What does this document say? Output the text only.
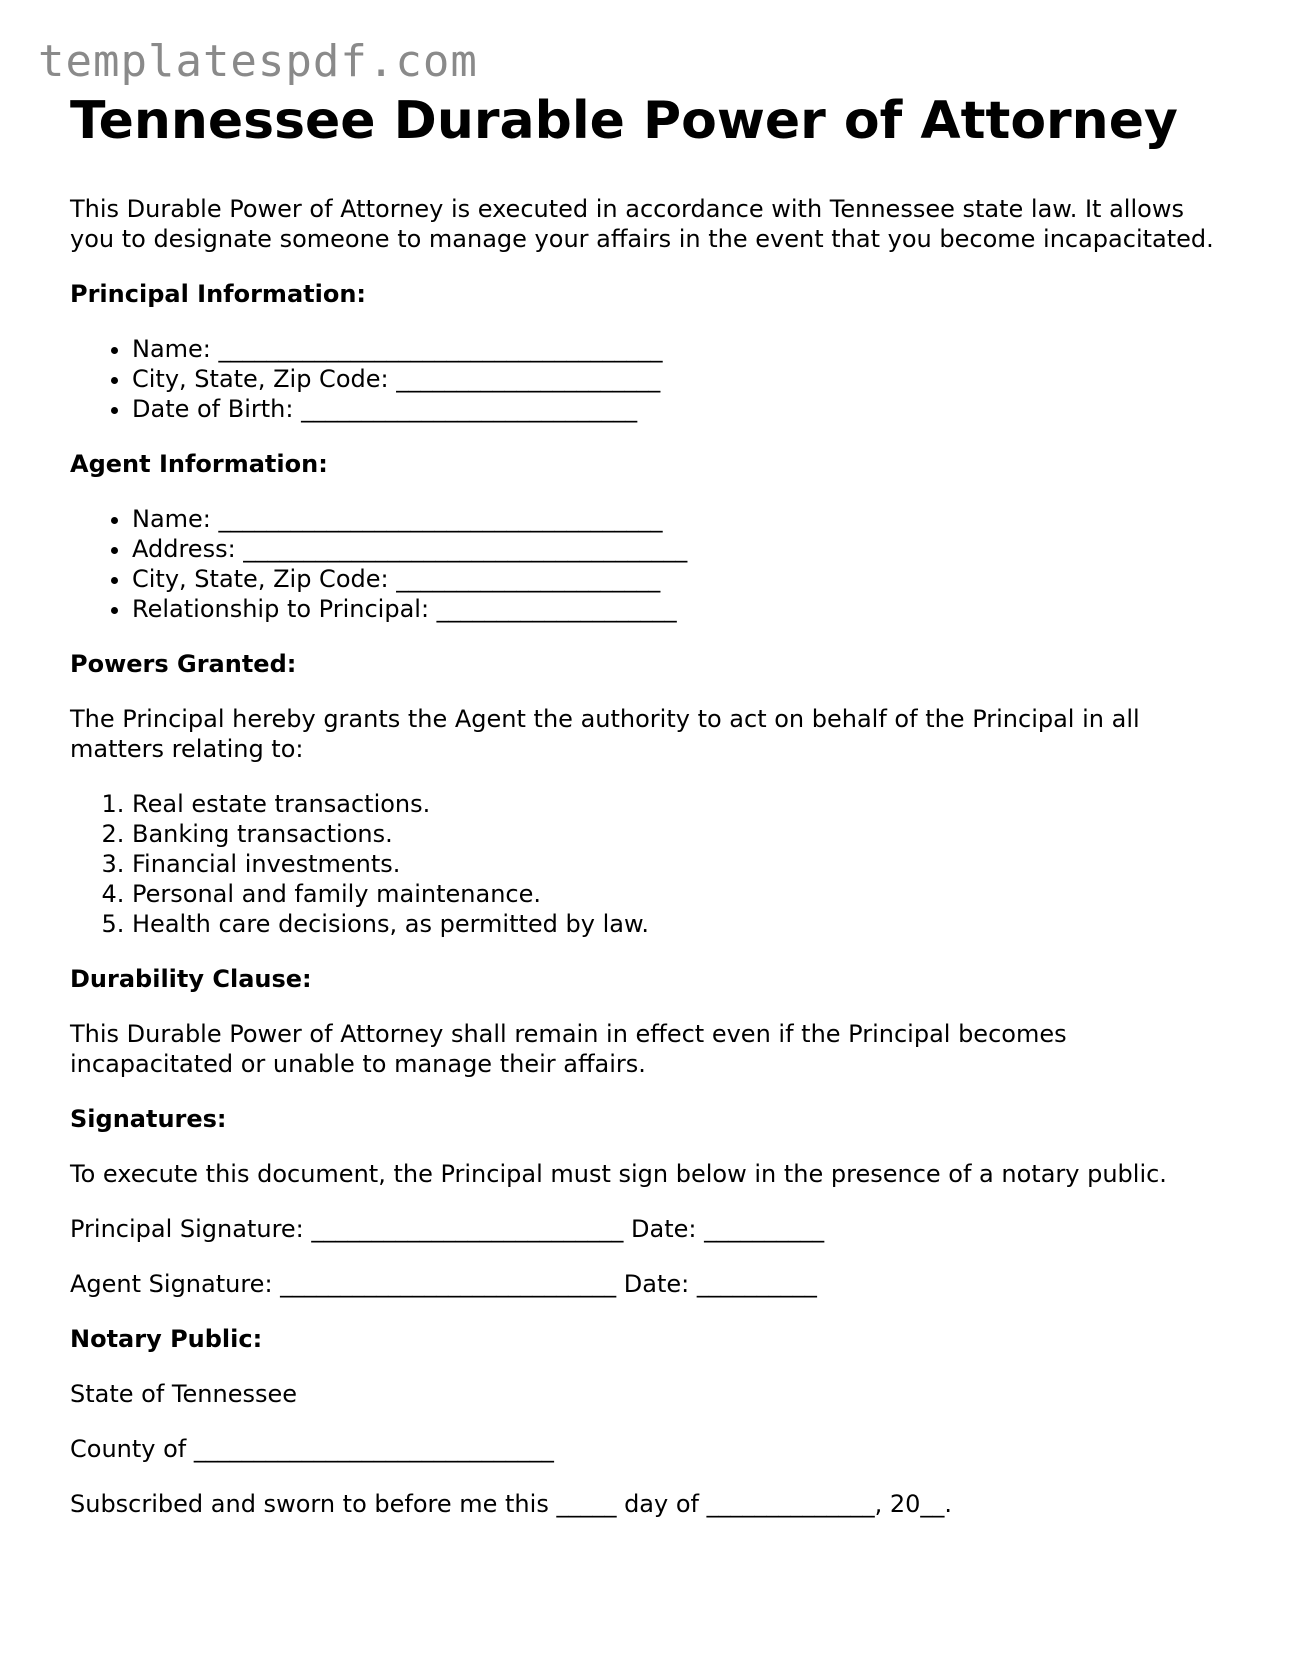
templatespdf.com
Tennessee Durable Power of Attorney

This Durable Power of Attorney is executed in accordance with Tennessee state law. It allows you to designate someone to manage your affairs in the event that you become incapacitated.

Principal Information:
• Name: _____________________________________
• City, State, Zip Code: ______________________
• Date of Birth: ____________________________
Agent Information:
• Name: _____________________________________
• Address: _____________________________________
• City, State, Zip Code: ______________________
• Relationship to Principal: ____________________
Powers Granted:

The Principal hereby grants the Agent the authority to act on behalf of the Principal in all matters relating to:

1. Real estate transactions.
2. Banking transactions.
3. Financial investments.
4. Personal and family maintenance.
5. Health care decisions, as permitted by law.
Durability Clause:

This Durable Power of Attorney shall remain in effect even if the Principal becomes incapacitated or unable to manage their affairs.

Signatures:

To execute this document, the Principal must sign below in the presence of a notary public.

Principal Signature: __________________________ Date: __________
Agent Signature: ____________________________ Date: __________
Notary Public:

State of Tennessee

County of ______________________________

Subscribed and sworn to before me this _____ day of ______________, 20__.
